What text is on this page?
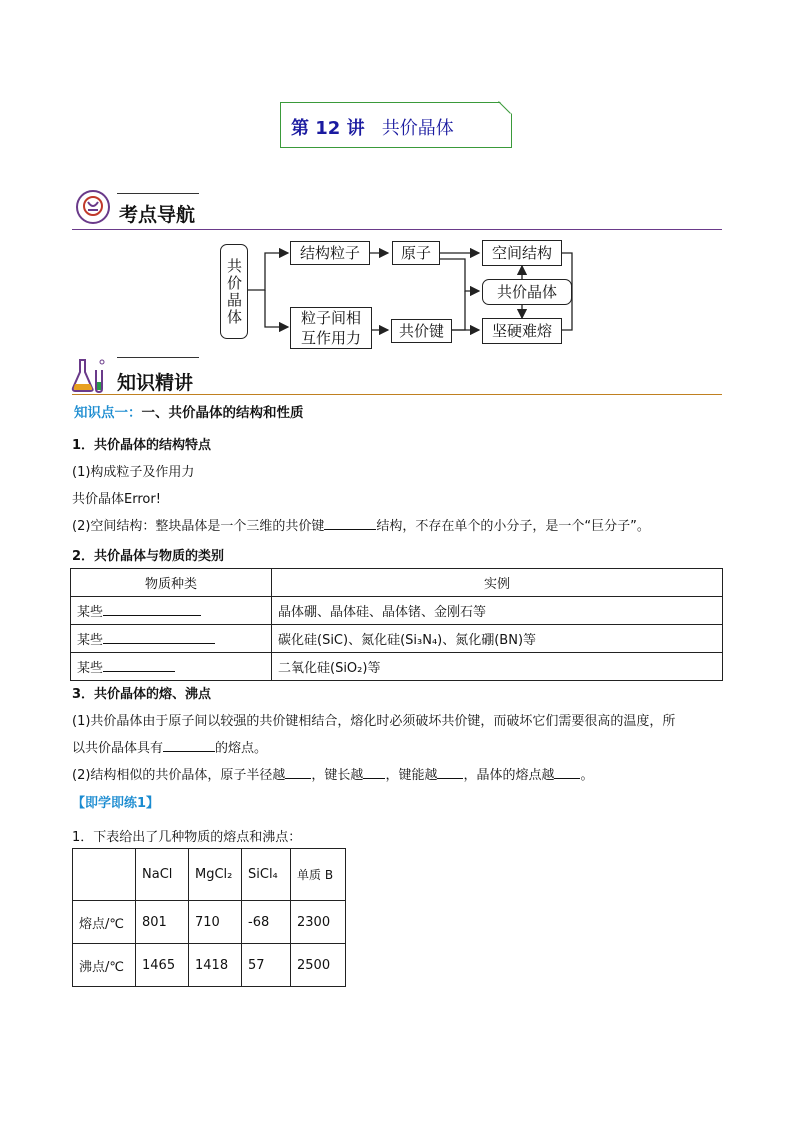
第 12 讲 共价晶体
考点导航
共价晶体
结构粒子
粒子间相
互作用力
原子
共价键
空间结构
共价晶体
坚硬难熔
知识精讲
知识点一：一、共价晶体的结构和性质
1．共价晶体的结构特点
(1)构成粒子及作用力
共价晶体Error!
(2)空间结构：整块晶体是一个三维的共价键	结构，不存在单个的小分子，是一个“巨分子”。
2．共价晶体与物质的类别
物质种类	实例
某些	晶体硼、晶体硅、晶体锗、金刚石等
某些	碳化硅(SiC)、氮化硅(Si₃N₄)、氮化硼(BN)等
某些	二氧化硅(SiO₂)等
3．共价晶体的熔、沸点
(1)共价晶体由于原子间以较强的共价键相结合，熔化时必须破坏共价键，而破坏它们需要很高的温度，所
以共价晶体具有	的熔点。
(2)结构相似的共价晶体，原子半径越 ，键长越 ，键能越 ，晶体的熔点越 。
【即学即练1】
1．下表给出了几种物质的熔点和沸点：
	NaCl	MgCl₂	SiCl₄	单质 B
熔点/℃	801	710	-68	2300
沸点/℃	1465	1418	57	2500
